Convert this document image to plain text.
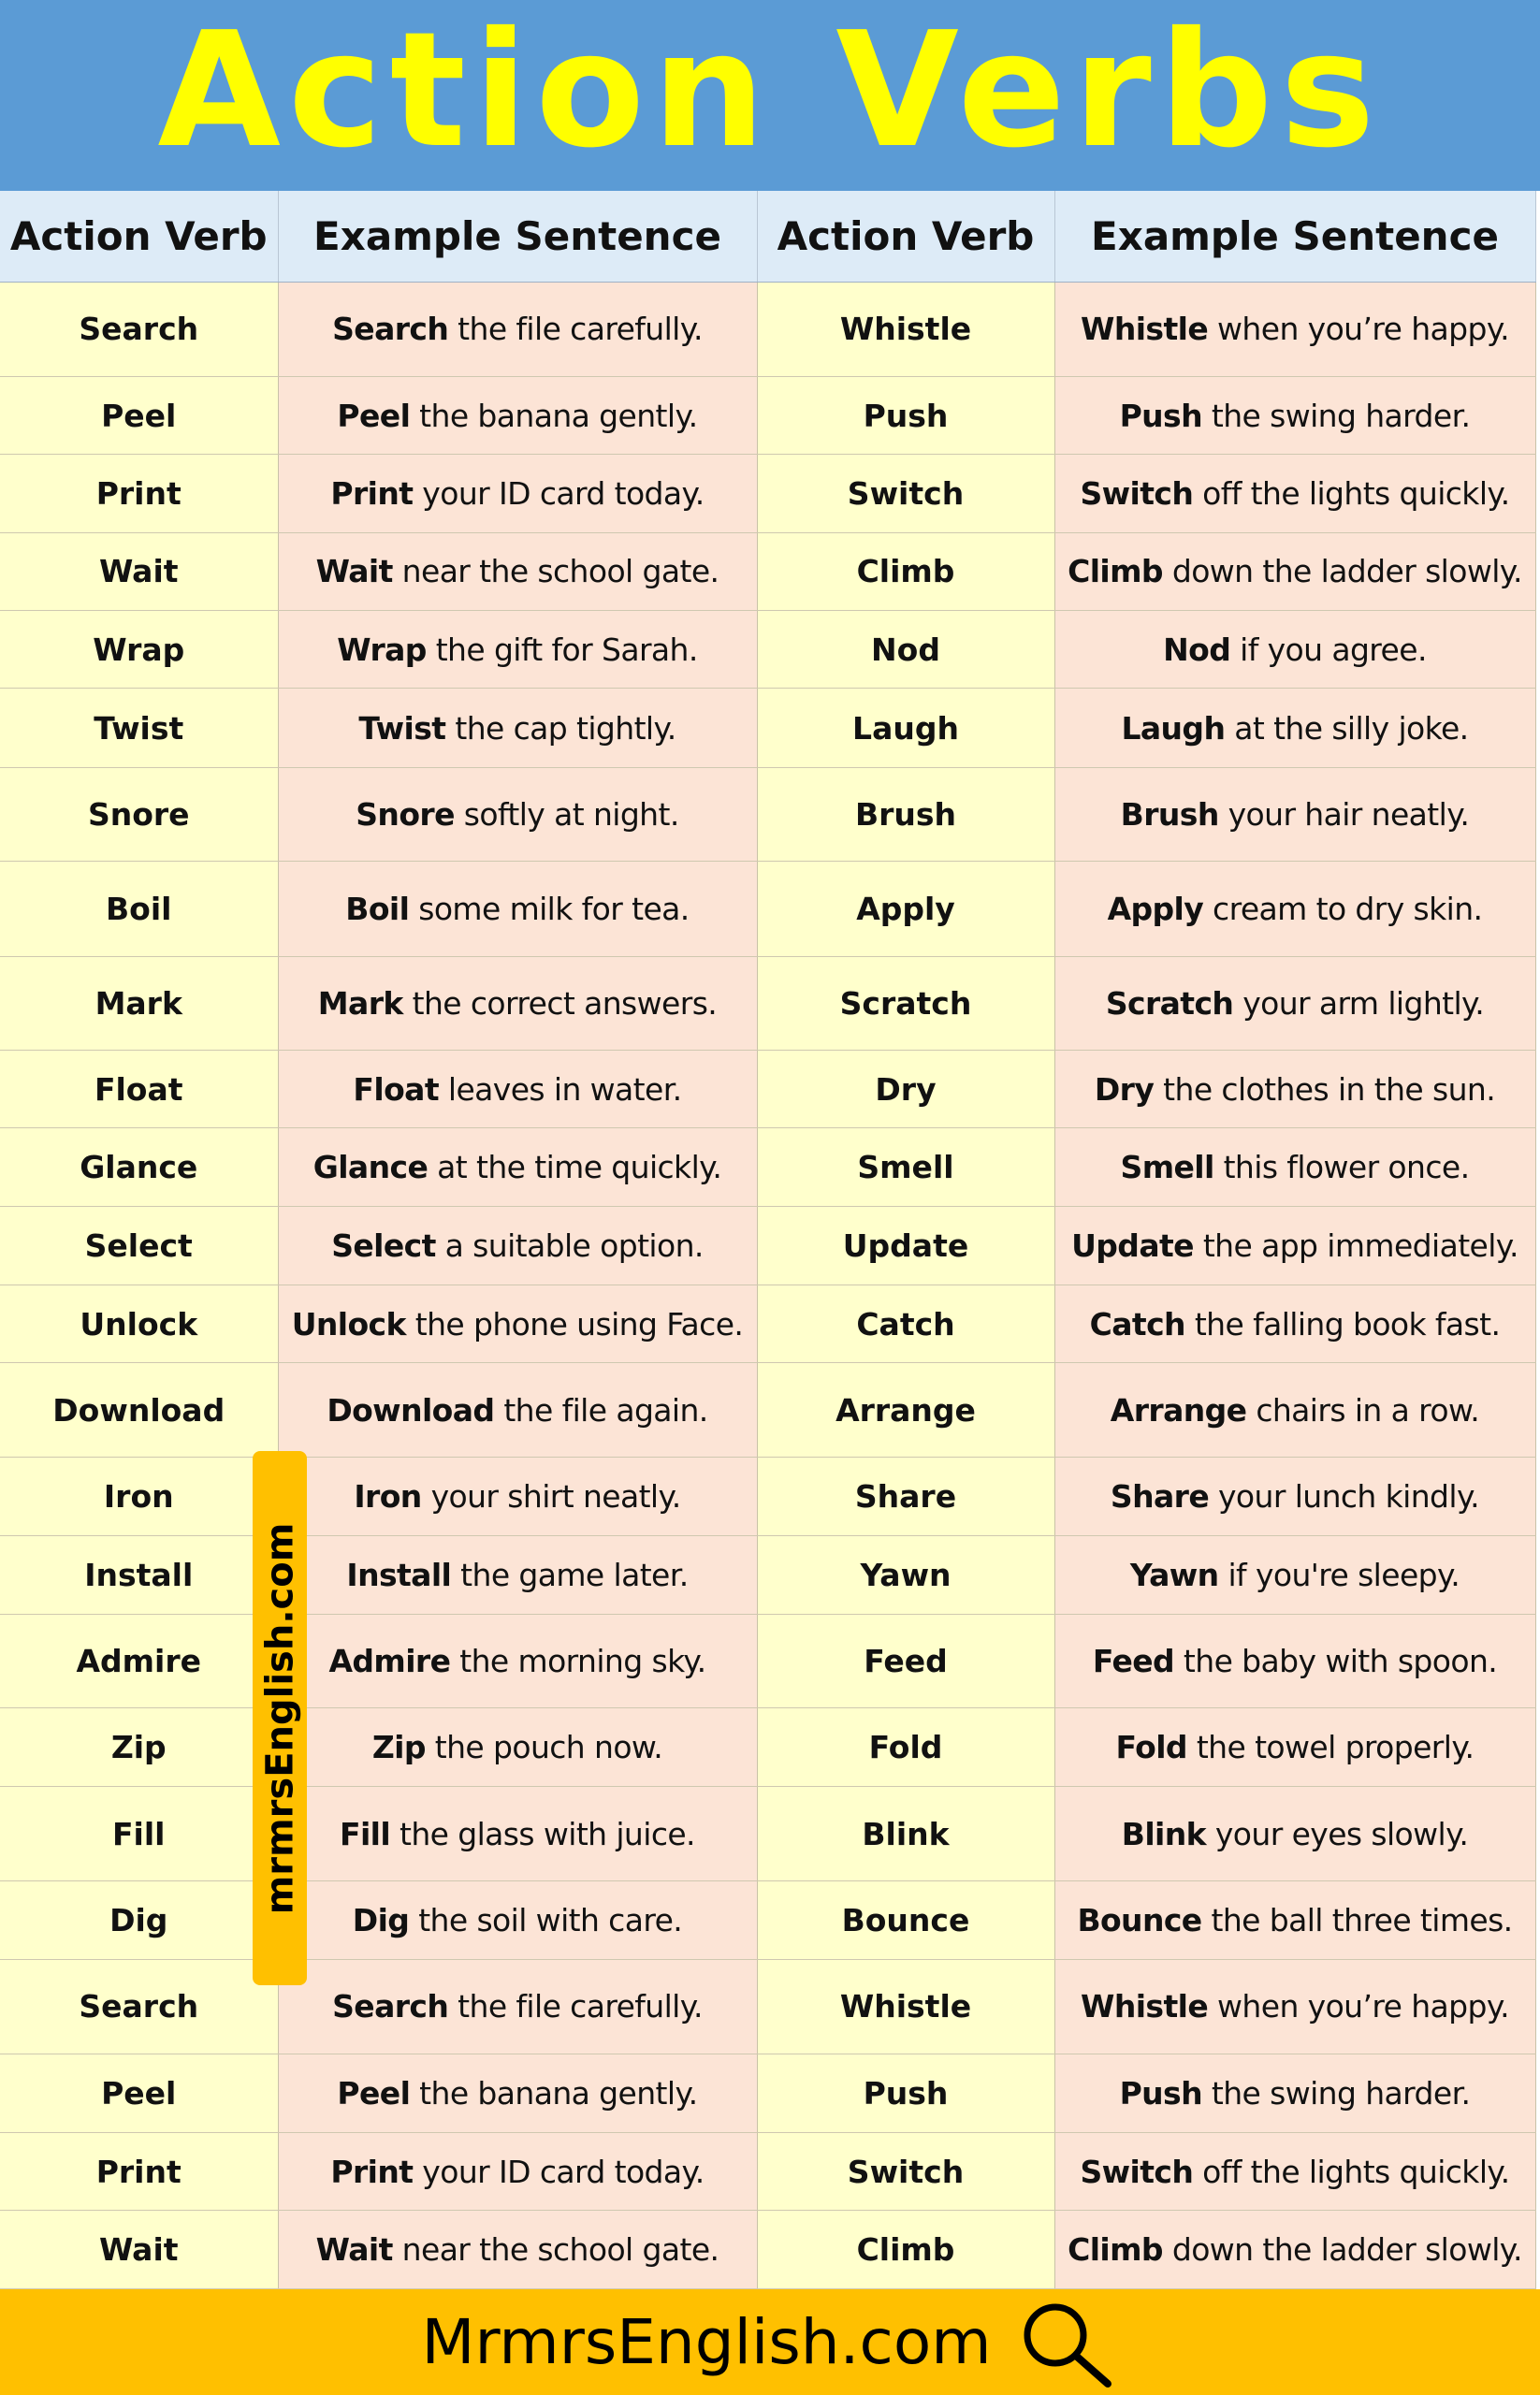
Action Verbs
Action Verb	Example Sentence	Action Verb	Example Sentence
Search	Search the file carefully.	Whistle	Whistle when you’re happy.
Peel	Peel the banana gently.	Push	Push the swing harder.
Print	Print your ID card today.	Switch	Switch off the lights quickly.
Wait	Wait near the school gate.	Climb	Climb down the ladder slowly.
Wrap	Wrap the gift for Sarah.	Nod	Nod if you agree.
Twist	Twist the cap tightly.	Laugh	Laugh at the silly joke.
Snore	Snore softly at night.	Brush	Brush your hair neatly.
Boil	Boil some milk for tea.	Apply	Apply cream to dry skin.
Mark	Mark the correct answers.	Scratch	Scratch your arm lightly.
Float	Float leaves in water.	Dry	Dry the clothes in the sun.
Glance	Glance at the time quickly.	Smell	Smell this flower once.
Select	Select a suitable option.	Update	Update the app immediately.
Unlock	Unlock the phone using Face.	Catch	Catch the falling book fast.
Download	Download the file again.	Arrange	Arrange chairs in a row.
Iron	Iron your shirt neatly.	Share	Share your lunch kindly.
Install	Install the game later.	Yawn	Yawn if you're sleepy.
Admire	Admire the morning sky.	Feed	Feed the baby with spoon.
Zip	Zip the pouch now.	Fold	Fold the towel properly.
Fill	Fill the glass with juice.	Blink	Blink your eyes slowly.
Dig	Dig the soil with care.	Bounce	Bounce the ball three times.
Search	Search the file carefully.	Whistle	Whistle when you’re happy.
Peel	Peel the banana gently.	Push	Push the swing harder.
Print	Print your ID card today.	Switch	Switch off the lights quickly.
Wait	Wait near the school gate.	Climb	Climb down the ladder slowly.
mrmrsEnglish.com
MrmrsEnglish.com
